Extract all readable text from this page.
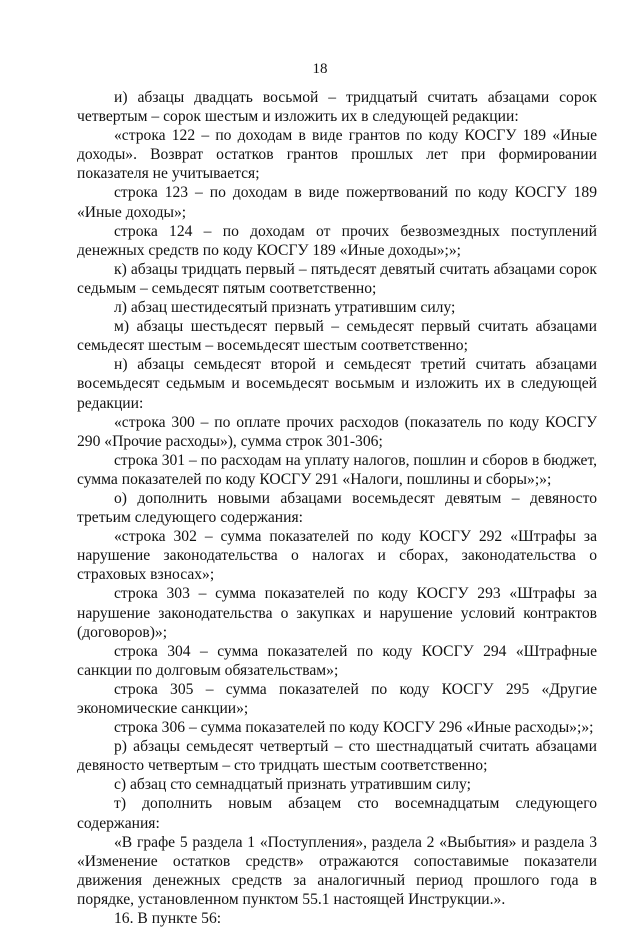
18

и) абзацы двадцать восьмой – тридцатый считать абзацами сорок четвертым – сорок шестым и изложить их в следующей редакции:

«строка 122 – по доходам в виде грантов по коду КОСГУ 189 «Иные доходы». Возврат остатков грантов прошлых лет при формировании показателя не учитывается;

строка 123 – по доходам в виде пожертвований по коду КОСГУ 189 «Иные доходы»;

строка 124 – по доходам от прочих безвозмездных поступлений денежных средств по коду КОСГУ 189 «Иные доходы»;»;

к) абзацы тридцать первый – пятьдесят девятый считать абзацами сорок седьмым – семьдесят пятым соответственно;

л) абзац шестидесятый признать утратившим силу;

м) абзацы шестьдесят первый – семьдесят первый считать абзацами семьдесят шестым – восемьдесят шестым соответственно;

н) абзацы семьдесят второй и семьдесят третий считать абзацами восемьдесят седьмым и восемьдесят восьмым и изложить их в следующей редакции:

«строка 300 – по оплате прочих расходов (показатель по коду КОСГУ 290 «Прочие расходы»), сумма строк 301-306;

строка 301 – по расходам на уплату налогов, пошлин и сборов в бюджет, сумма показателей по коду КОСГУ 291 «Налоги, пошлины и сборы»;»;

о) дополнить новыми абзацами восемьдесят девятым – девяносто третьим следующего содержания:

«строка 302 – сумма показателей по коду КОСГУ 292 «Штрафы за нарушение законодательства о налогах и сборах, законодательства о страховых взносах»;

строка 303 – сумма показателей по коду КОСГУ 293 «Штрафы за нарушение законодательства о закупках и нарушение условий контрактов (договоров)»;

строка 304 – сумма показателей по коду КОСГУ 294 «Штрафные санкции по долговым обязательствам»;

строка 305 – сумма показателей по коду КОСГУ 295 «Другие экономические санкции»;

строка 306 – сумма показателей по коду КОСГУ 296 «Иные расходы»;»;

р) абзацы семьдесят четвертый – сто шестнадцатый считать абзацами девяносто четвертым – сто тридцать шестым соответственно;

с) абзац сто семнадцатый признать утратившим силу;

т) дополнить новым абзацем сто восемнадцатым следующего содержания:

«В графе 5 раздела 1 «Поступления», раздела 2 «Выбытия» и раздела 3 «Изменение остатков средств» отражаются сопоставимые показатели движения денежных средств за аналогичный период прошлого года в порядке, установленном пунктом 55.1 настоящей Инструкции.».

16. В пункте 56:
